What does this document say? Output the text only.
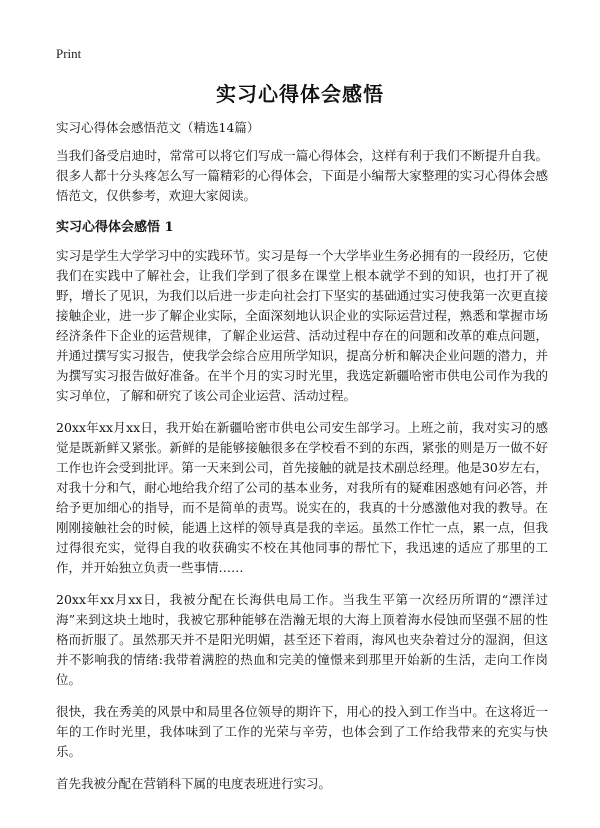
Print
实习心得体会感悟

实习心得体会感悟范文（精选14篇）

当我们备受启迪时，常常可以将它们写成一篇心得体会，这样有利于我们不断提升自我。很多人都十分头疼怎么写一篇精彩的心得体会，下面是小编帮大家整理的实习心得体会感悟范文，仅供参考，欢迎大家阅读。

实习心得体会感悟 1

实习是学生大学学习中的实践环节。实习是每一个大学毕业生务必拥有的一段经历，它使我们在实践中了解社会，让我们学到了很多在课堂上根本就学不到的知识，也打开了视野，增长了见识，为我们以后进一步走向社会打下坚实的基础通过实习使我第一次更直接接触企业，进一步了解企业实际，全面深刻地认识企业的实际运营过程，熟悉和掌握市场经济条件下企业的运营规律，了解企业运营、活动过程中存在的问题和改革的难点问题，并通过撰写实习报告，使我学会综合应用所学知识，提高分析和解决企业问题的潜力，并为撰写实习报告做好准备。在半个月的实习时光里，我选定新疆哈密市供电公司作为我的实习单位，了解和研究了该公司企业运营、活动过程。

20xx年xx月xx日，我开始在新疆哈密市供电公司安生部学习。上班之前，我对实习的感觉是既新鲜又紧张。新鲜的是能够接触很多在学校看不到的东西，紧张的则是万一做不好工作也许会受到批评。第一天来到公司，首先接触的就是技术副总经理。他是30岁左右，对我十分和气，耐心地给我介绍了公司的基本业务，对我所有的疑难困惑她有问必答，并给予更加细心的指导，而不是简单的责骂。说实在的，我真的十分感激他对我的教导。在刚刚接触社会的时候，能遇上这样的领导真是我的幸运。虽然工作忙一点，累一点，但我过得很充实，觉得自我的收获确实不校在其他同事的帮忙下，我迅速的适应了那里的工作，并开始独立负责一些事情……

20xx年xx月xx日，我被分配在长海供电局工作。当我生平第一次经历所谓的“漂洋过海”来到这块土地时，我被它那种能够在浩瀚无垠的大海上顶着海水侵蚀而坚强不屈的性格而折服了。虽然那天并不是阳光明媚，甚至还下着雨，海风也夹杂着过分的湿润，但这并不影响我的情绪:我带着满腔的热血和完美的憧憬来到那里开始新的生活，走向工作岗位。

很快，我在秀美的风景中和局里各位领导的期许下，用心的投入到工作当中。在这将近一年的工作时光里，我体味到了工作的光荣与辛劳，也体会到了工作给我带来的充实与快乐。

首先我被分配在营销科下属的电度表班进行实习。
